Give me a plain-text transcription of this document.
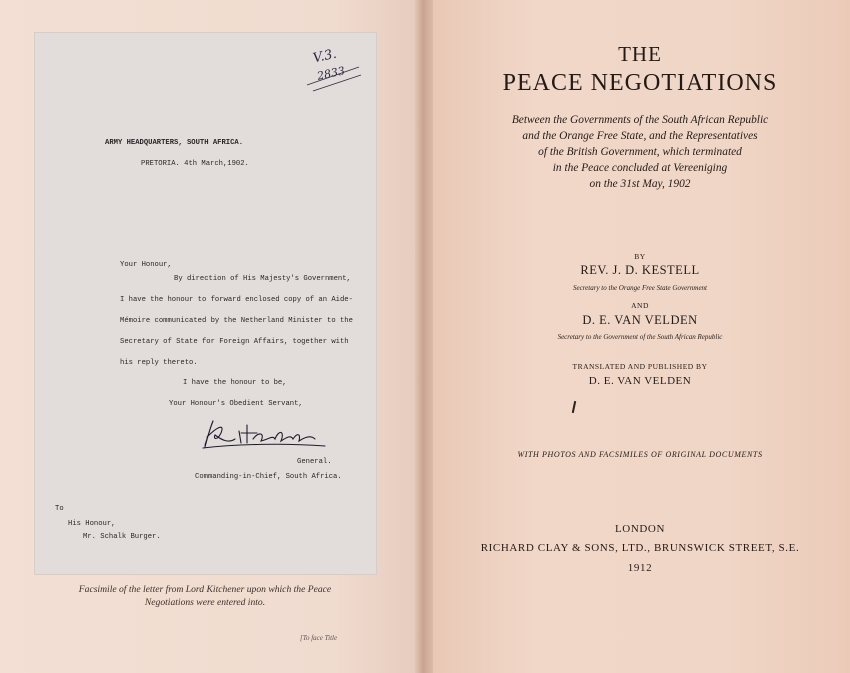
V.3.
2833
ARMY HEADQUARTERS, SOUTH AFRICA.
PRETORIA. 4th March,1902.
Your Honour,
By direction of His Majesty's Government,
I have the honour to forward enclosed copy of an Aide-
Mémoire communicated by the Netherland Minister to the
Secretary of State for Foreign Affairs, together with
his reply thereto.
I have the honour to be,
Your Honour's Obedient Servant,
Kitchener
General.
Commanding-in-Chief, South Africa.
To
His Honour,
Mr. Schalk Burger.
Facsimile of the letter from Lord Kitchener upon which the Peace
Negotiations were entered into.
[To face Title
THE
PEACE NEGOTIATIONS
Between the Governments of the South African Republic
and the Orange Free State, and the Representatives
of the British Government, which terminated
in the Peace concluded at Vereeniging
on the 31st May, 1902
BY
REV. J. D. KESTELL
Secretary to the Orange Free State Government
AND
D. E. VAN VELDEN
Secretary to the Government of the South African Republic
TRANSLATED AND PUBLISHED BY
D. E. VAN VELDEN
WITH PHOTOS AND FACSIMILES OF ORIGINAL DOCUMENTS
LONDON
RICHARD CLAY & SONS, LTD., BRUNSWICK STREET, S.E.
1912
